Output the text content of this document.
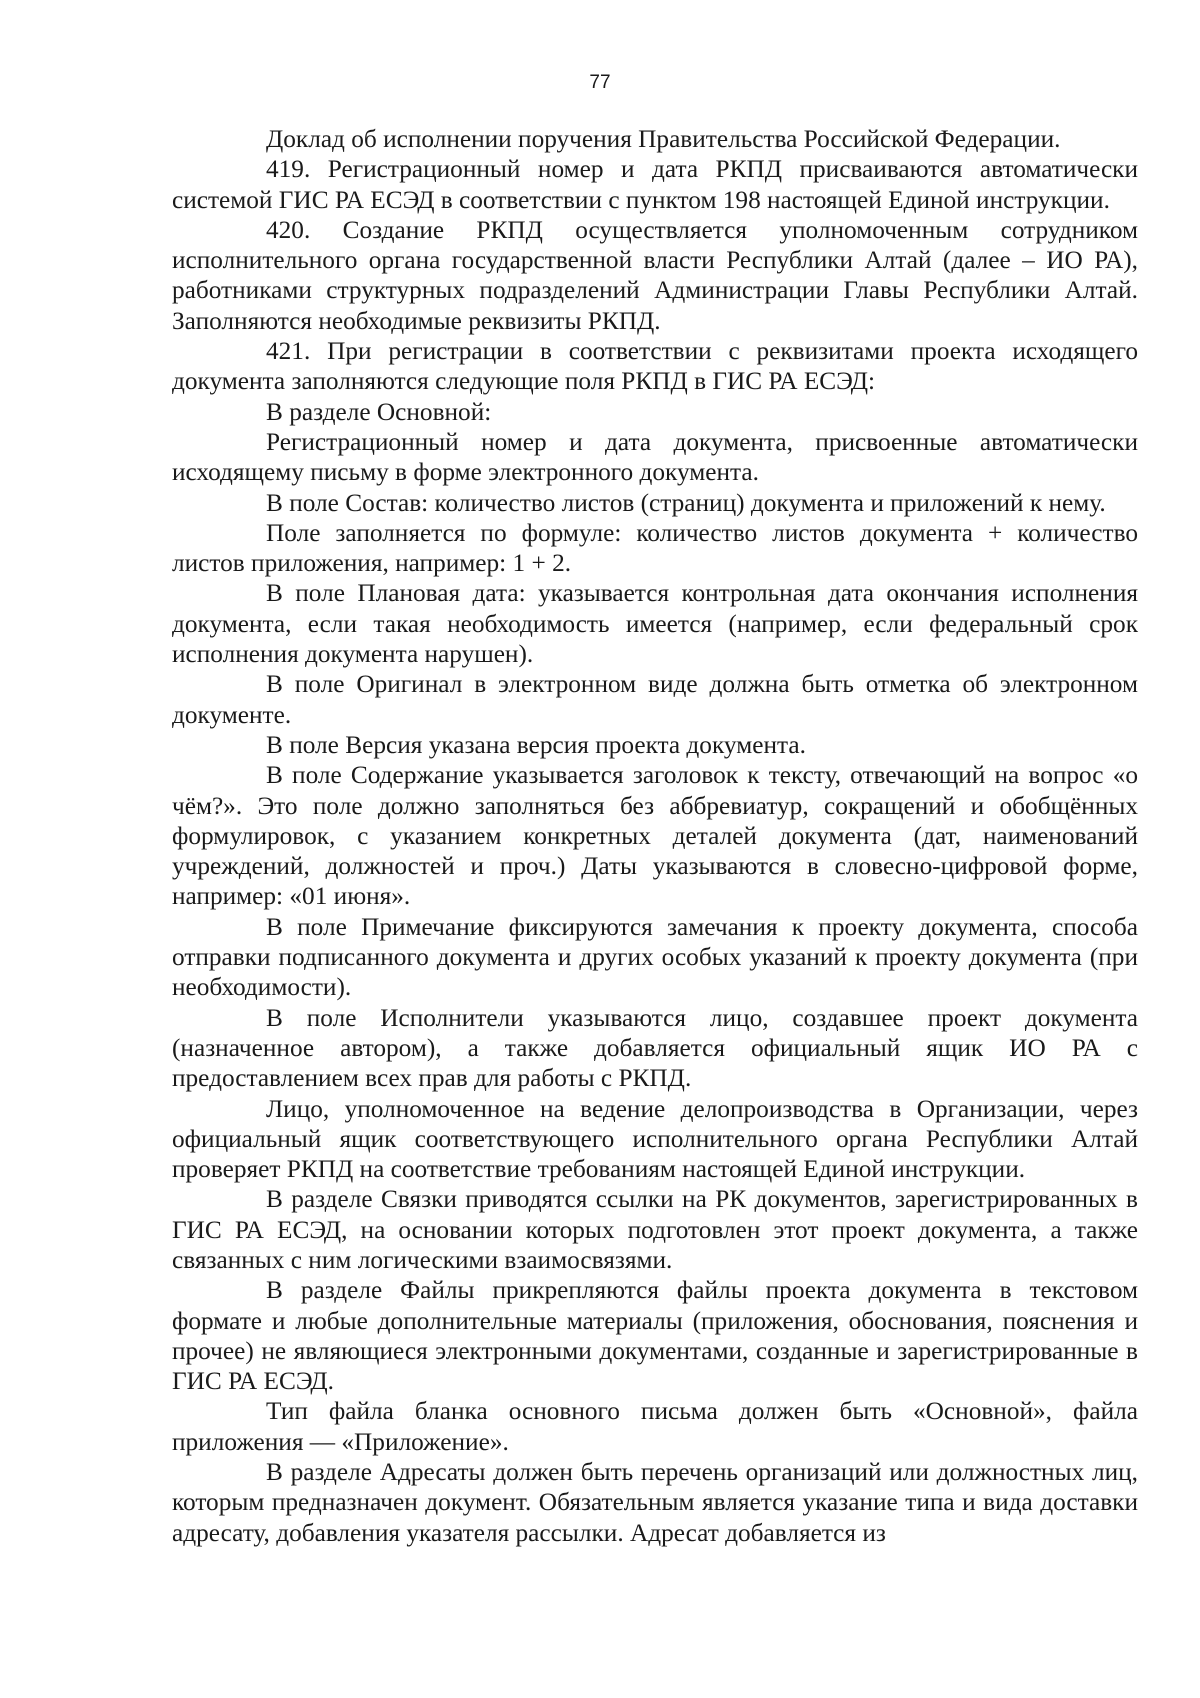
77

Доклад об исполнении поручения Правительства Российской Федерации.

419. Регистрационный номер и дата РКПД присваиваются автоматически системой ГИС РА ЕСЭД в соответствии с пунктом 198 настоящей Единой инструкции.

420. Создание РКПД осуществляется уполномоченным сотрудником исполнительного органа государственной власти Республики Алтай (далее – ИО РА), работниками структурных подразделений Администрации Главы Республики Алтай. Заполняются необходимые реквизиты РКПД.

421. При регистрации в соответствии с реквизитами проекта исходящего документа заполняются следующие поля РКПД в ГИС РА ЕСЭД:

В разделе Основной:

Регистрационный номер и дата документа, присвоенные автоматически исходящему письму в форме электронного документа.

В поле Состав: количество листов (страниц) документа и приложений к нему.

Поле заполняется по формуле: количество листов документа + количество листов приложения, например: 1 + 2.

В поле Плановая дата: указывается контрольная дата окончания исполнения документа, если такая необходимость имеется (например, если федеральный срок исполнения документа нарушен).

В поле Оригинал в электронном виде должна быть отметка об электронном документе.

В поле Версия указана версия проекта документа.

В поле Содержание указывается заголовок к тексту, отвечающий на вопрос «о чём?». Это поле должно заполняться без аббревиатур, сокращений и обобщённых формулировок, с указанием конкретных деталей документа (дат, наименований учреждений, должностей и проч.) Даты указываются в словесно-цифровой форме, например: «01 июня».

В поле Примечание фиксируются замечания к проекту документа, способа отправки подписанного документа и других особых указаний к проекту документа (при необходимости).

В поле Исполнители указываются лицо, создавшее проект документа (назначенное автором), а также добавляется официальный ящик ИО РА с предоставлением всех прав для работы с РКПД.

Лицо, уполномоченное на ведение делопроизводства в Организации, через официальный ящик соответствующего исполнительного органа Республики Алтай проверяет РКПД на соответствие требованиям настоящей Единой инструкции.

В разделе Связки приводятся ссылки на РК документов, зарегистрированных в ГИС РА ЕСЭД, на основании которых подготовлен этот проект документа, а также связанных с ним логическими взаимосвязями.

В разделе Файлы прикрепляются файлы проекта документа в текстовом формате и любые дополнительные материалы (приложения, обоснования, пояснения и прочее) не являющиеся электронными документами, созданные и зарегистрированные в ГИС РА ЕСЭД.

Тип файла бланка основного письма должен быть «Основной», файла приложения — «Приложение».

В разделе Адресаты должен быть перечень организаций или должностных лиц, которым предназначен документ. Обязательным является указание типа и вида доставки адресату, добавления указателя рассылки. Адресат добавляется из
